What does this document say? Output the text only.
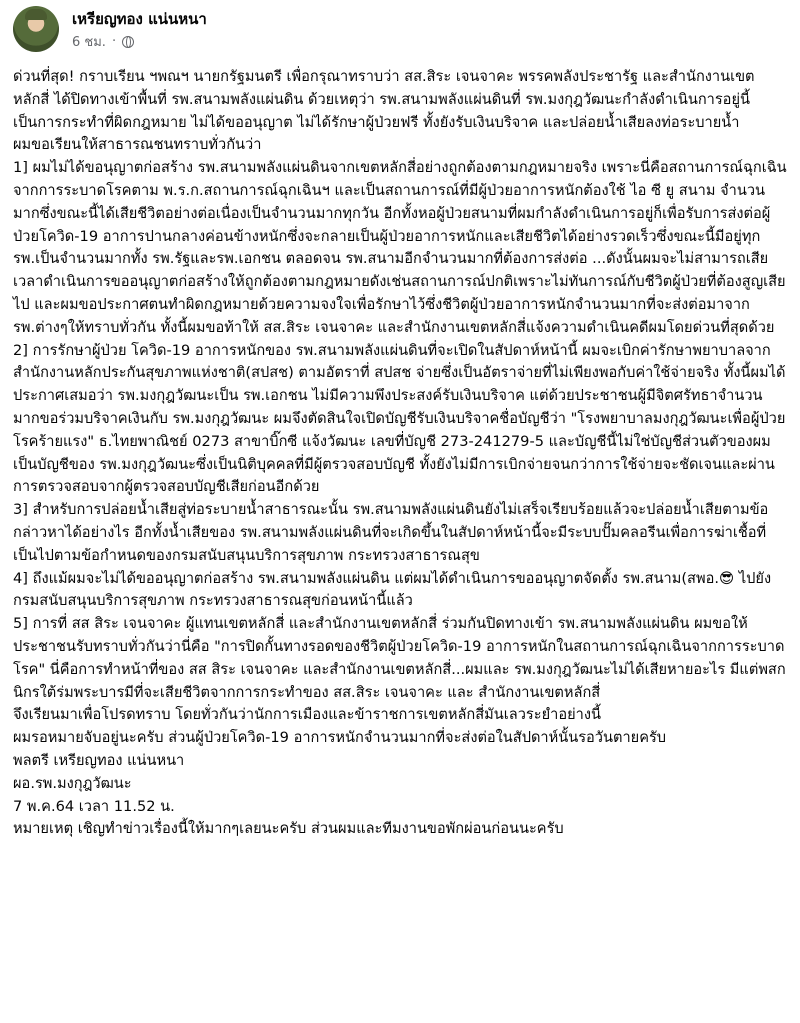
เหรียญทอง แน่นหนา
6 ชม. ·

ด่วนที่สุด! กราบเรียน ฯพณฯ นายกรัฐมนตรี เพื่อกรุณาทราบว่า สส.สิระ เจนจาคะ พรรคพลังประชารัฐ และสำนักงานเขตหลักสี่ ได้ปิดทางเข้าพื้นที่ รพ.สนามพลังแผ่นดิน ด้วยเหตุว่า รพ.สนามพลังแผ่นดินที่ รพ.มงกุฎวัฒนะกำลังดำเนินการอยู่นี้ เป็นการกระทำที่ผิดกฎหมาย ไม่ได้ขออนุญาต ไม่ได้รักษาผู้ป่วยฟรี ทั้งยังรับเงินบริจาค และปล่อยน้ำเสียลงท่อระบายน้ำ

ผมขอเรียนให้สาธารณชนทราบทั่วกันว่า

1] ผมไม่ได้ขอนุญาตก่อสร้าง รพ.สนามพลังแผ่นดินจากเขตหลักสี่อย่างถูกต้องตามกฎหมายจริง เพราะนี่คือสถานการณ์ฉุกเฉินจากการระบาดโรคตาม พ.ร.ก.สถานการณ์ฉุกเฉินฯ และเป็นสถานการณ์ที่มีผู้ป่วยอาการหนักต้องใช้ ไอ ซี ยู สนาม จำนวนมากซึ่งขณะนี้ได้เสียชีวิตอย่างต่อเนื่องเป็นจำนวนมากทุกวัน อีกทั้งหอผู้ป่วยสนามที่ผมกำลังดำเนินการอยู่ก็เพื่อรับการส่งต่อผู้ป่วยโควิด-19 อาการปานกลางค่อนข้างหนักซึ่งจะกลายเป็นผู้ป่วยอาการหนักและเสียชีวิตได้อย่างรวดเร็วซึ่งขณะนี้มีอยู่ทุก รพ.เป็นจำนวนมากทั้ง รพ.รัฐและรพ.เอกชน ตลอดจน รพ.สนามอีกจำนวนมากที่ต้องการส่งต่อ ...ดังนั้นผมจะไม่สามารถเสียเวลาดำเนินการขออนุญาตก่อสร้างให้ถูกต้องตามกฎหมายดังเช่นสถานการณ์ปกติเพราะไม่ทันการณ์กับชีวิตผู้ป่วยที่ต้องสูญเสียไป และผมขอประกาศตนทำผิดกฎหมายด้วยความจงใจเพื่อรักษาไว้ซึ่งชีวิตผู้ป่วยอาการหนักจำนวนมากที่จะส่งต่อมาจาก รพ.ต่างๆให้ทราบทั่วกัน ทั้งนี้ผมขอท้าให้ สส.สิระ เจนจาคะ และสำนักงานเขตหลักสี่แจ้งความดำเนินคดีผมโดยด่วนที่สุดด้วย

2] การรักษาผู้ป่วย โควิด-19 อาการหนักของ รพ.สนามพลังแผ่นดินที่จะเปิดในสัปดาห์หน้านี้ ผมจะเบิกค่ารักษาพยาบาลจากสำนักงานหลักประกันสุขภาพแห่งชาติ(สปสช) ตามอัตราที่ สปสช จ่ายซึ่งเป็นอัตราจ่ายที่ไม่เพียงพอกับค่าใช้จ่ายจริง ทั้งนี้ผมได้ประกาศเสมอว่า รพ.มงกุฎวัฒนะเป็น รพ.เอกชน ไม่มีความพึงประสงค์รับเงินบริจาค แต่ด้วยประชาชนผู้มีจิตศรัทธาจำนวนมากขอร่วมบริจาคเงินกับ รพ.มงกุฎวัฒนะ ผมจึงตัดสินใจเปิดบัญชีรับเงินบริจาคชื่อบัญชีว่า "โรงพยาบาลมงกุฎวัฒนะเพื่อผู้ป่วยโรคร้ายแรง" ธ.ไทยพาณิชย์ 0273 สาขาบิ๊กซี แจ้งวัฒนะ เลขที่บัญชี 273-241279-5 และบัญชีนี้ไม่ใช่บัญชีส่วนตัวของผม เป็นบัญชีของ รพ.มงกุฎวัฒนะซึ่งเป็นนิติบุคคลที่มีผู้ตรวจสอบบัญชี ทั้งยังไม่มีการเบิกจ่ายจนกว่าการใช้จ่ายจะชัดเจนและผ่านการตรวจสอบจากผู้ตรวจสอบบัญชีเสียก่อนอีกด้วย

3] สำหรับการปล่อยน้ำเสียสู่ท่อระบายน้ำสาธารณะนั้น รพ.สนามพลังแผ่นดินยังไม่เสร็จเรียบร้อยแล้วจะปล่อยน้ำเสียตามข้อกล่าวหาได้อย่างไร อีกทั้งน้ำเสียของ รพ.สนามพลังแผ่นดินที่จะเกิดขึ้นในสัปดาห์หน้านี้จะมีระบบปั๊มคลอรีนเพื่อการฆ่าเชื้อที่เป็นไปตามข้อกำหนดของกรมสนับสนุนบริการสุขภาพ กระทรวงสาธารณสุข

4] ถึงแม้ผมจะไม่ได้ขออนุญาตก่อสร้าง รพ.สนามพลังแผ่นดิน แต่ผมได้ดำเนินการขออนุญาตจัดตั้ง รพ.สนาม(สพอ.😎 ไปยังกรมสนับสนุนบริการสุขภาพ กระทรวงสาธารณสุขก่อนหน้านี้แล้ว

5] การที่ สส สิระ เจนจาคะ ผู้แทนเขตหลักสี่ และสำนักงานเขตหลักสี่ ร่วมกันปิดทางเข้า รพ.สนามพลังแผ่นดิน ผมขอให้ประชาชนรับทราบทั่วกันว่านี่คือ "การปิดกั้นทางรอดของชีวิตผู้ป่วยโควิด-19 อาการหนักในสถานการณ์ฉุกเฉินจากการระบาดโรค" นี่คือการทำหน้าที่ของ สส สิระ เจนจาคะ และสำนักงานเขตหลักสี่...ผมและ รพ.มงกุฎวัฒนะไม่ได้เสียหายอะไร มีแต่พสกนิกรใต้ร่มพระบารมีที่จะเสียชีวิตจากการกระทำของ สส.สิระ เจนจาคะ และ สำนักงานเขตหลักสี่

จึงเรียนมาเพื่อโปรดทราบ โดยทั่วกันว่านักการเมืองและข้าราชการเขตหลักสี่มันเลวระยำอย่างนี้

ผมรอหมายจับอยู่นะครับ ส่วนผู้ป่วยโควิด-19 อาการหนักจำนวนมากที่จะส่งต่อในสัปดาห์นั้นรอวันตายครับ

พลตรี เหรียญทอง แน่นหนา

ผอ.รพ.มงกุฎวัฒนะ

7 พ.ค.64 เวลา 11.52 น.

หมายเหตุ เชิญทำข่าวเรื่องนี้ให้มากๆเลยนะครับ ส่วนผมและทีมงานขอพักผ่อนก่อนนะครับ
